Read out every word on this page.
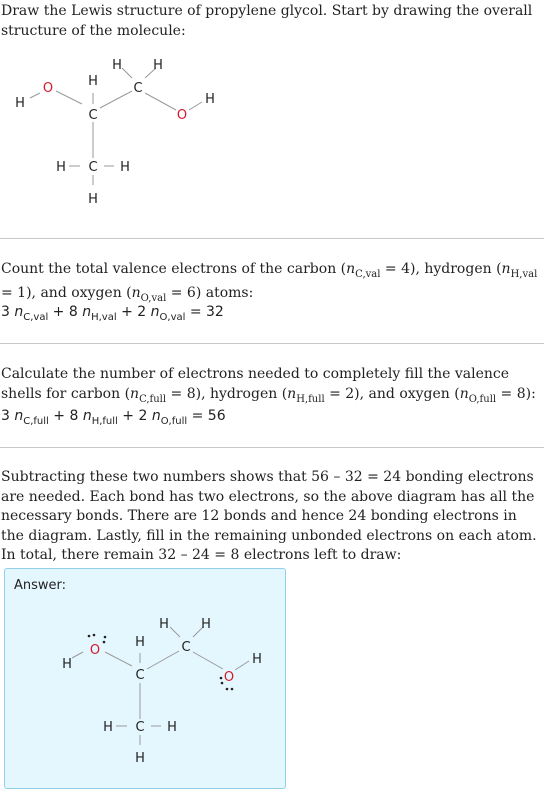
Draw the Lewis structure of propylene glycol. Start by drawing the overall structure of the molecule:
H
O	H
C
H H
C
O
H
H C H
H
Count the total valence electrons of the carbon $(n_{C,val} = 4)$, hydrogen $(n_{H,val} = 1)$, and oxygen $(n_{O,val} = 6)$ atoms:
3 $n_{C,val} + 8$ $n_{H,val} + 2$ $n_{O,val} = 32$
Calculate the number of electrons needed to completely fill the valence shells for carbon $(n_{C,full} = 8)$, hydrogen $(n_{H,full} = 2)$, and oxygen $(n_{O,full} = 8)$:
3 $n_{C,full} + 8$ $n_{H,full} + 2$ $n_{O,full} = 56$
Subtracting these two numbers shows that 56 – 32 = 24 bonding electrons are needed. Each bond has two electrons, so the above diagram has all the necessary bonds. There are 12 bonds and hence 24 bonding electrons in the diagram. Lastly, fill in the remaining unbonded electrons on each atom. In total, there remain 32 – 24 = 8 electrons left to draw:
Answer:
H
O
H
C
H H
C
O
H
H C H
H
